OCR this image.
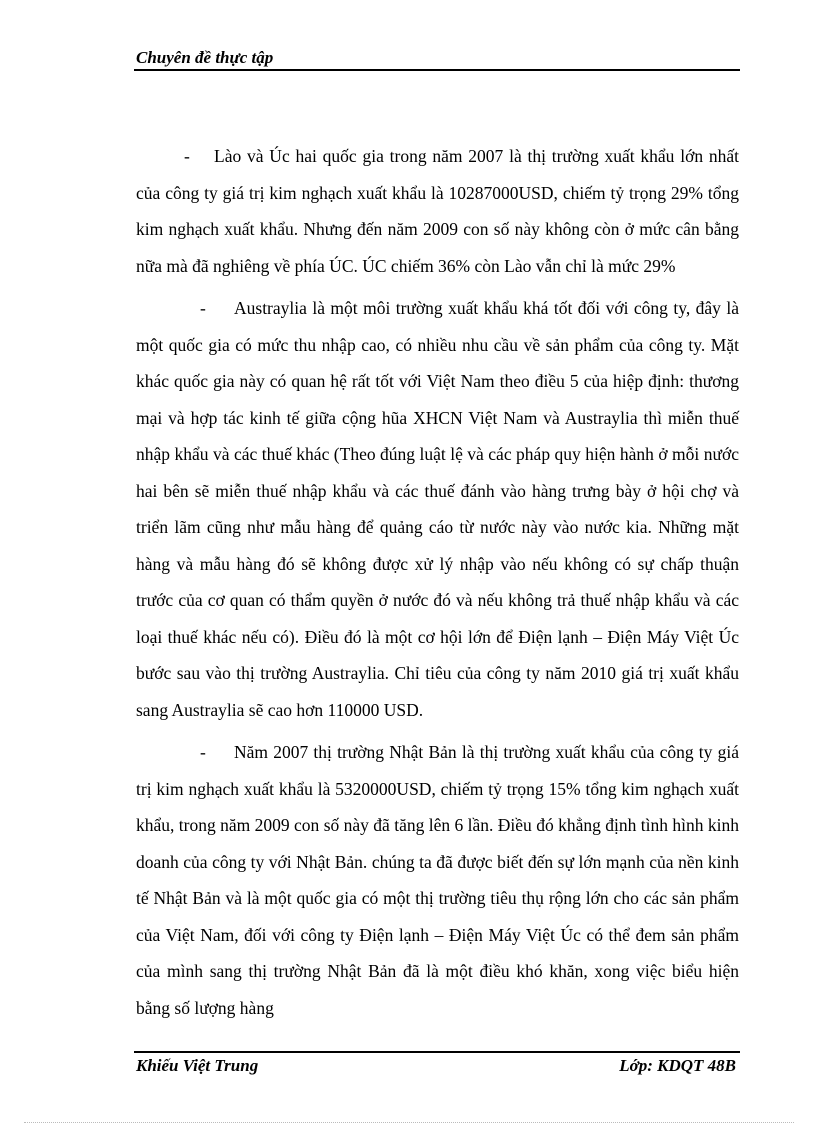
Chuyên đề thực tập

- Lào và Úc hai quốc gia trong năm 2007 là thị trường xuất khẩu lớn nhất của công ty giá trị kim nghạch xuất khẩu là 10287000USD, chiếm tỷ trọng 29% tổng kim nghạch xuất khẩu. Nhưng đến năm 2009 con số này không còn ở mức cân bằng nữa mà đã nghiêng về phía ÚC. ÚC chiếm 36% còn Lào vẫn chỉ là mức 29%

- Austraylia là một môi trường xuất khẩu khá tốt đối với công ty, đây là một quốc gia có mức thu nhập cao, có nhiều nhu cầu về sản phẩm của công ty. Mặt khác quốc gia này có quan hệ rất tốt với Việt Nam theo điều 5 của hiệp định: thương mại và hợp tác kinh tế giữa cộng hũa XHCN Việt Nam và Austraylia thì miễn thuế nhập khẩu và các thuế khác (Theo đúng luật lệ và các pháp quy hiện hành ở mỗi nước hai bên sẽ miễn thuế nhập khẩu và các thuế đánh vào hàng trưng bày ở hội chợ và triển lãm cũng như mẫu hàng để quảng cáo từ nước này vào nước kia. Những mặt hàng và mẫu hàng đó sẽ không được xử lý nhập vào nếu không có sự chấp thuận trước của cơ quan có thẩm quyền ở nước đó và nếu không trả thuế nhập khẩu và các loại thuế khác nếu có). Điều đó là một cơ hội lớn để Điện lạnh – Điện Máy Việt Úc bước sau vào thị trường Austraylia. Chỉ tiêu của công ty năm 2010 giá trị xuất khẩu sang Austraylia sẽ cao hơn 110000 USD.

- Năm 2007 thị trường Nhật Bản là thị trường xuất khẩu của công ty giá trị kim nghạch xuất khẩu là 5320000USD, chiếm tỷ trọng 15% tổng kim nghạch xuất khẩu, trong năm 2009 con số này đã tăng lên 6 lần. Điều đó khẳng định tình hình kinh doanh của công ty với Nhật Bản. chúng ta đã được biết đến sự lớn mạnh của nền kinh tế Nhật Bản và là một quốc gia có một thị trường tiêu thụ rộng lớn cho các sản phẩm của Việt Nam, đối với công ty Điện lạnh – Điện Máy Việt Úc có thể đem sản phẩm của mình sang thị trường Nhật Bản đã là một điều khó khăn, xong việc biểu hiện bằng số lượng hàng

Khiếu Việt Trung	Lớp: KDQT 48B
